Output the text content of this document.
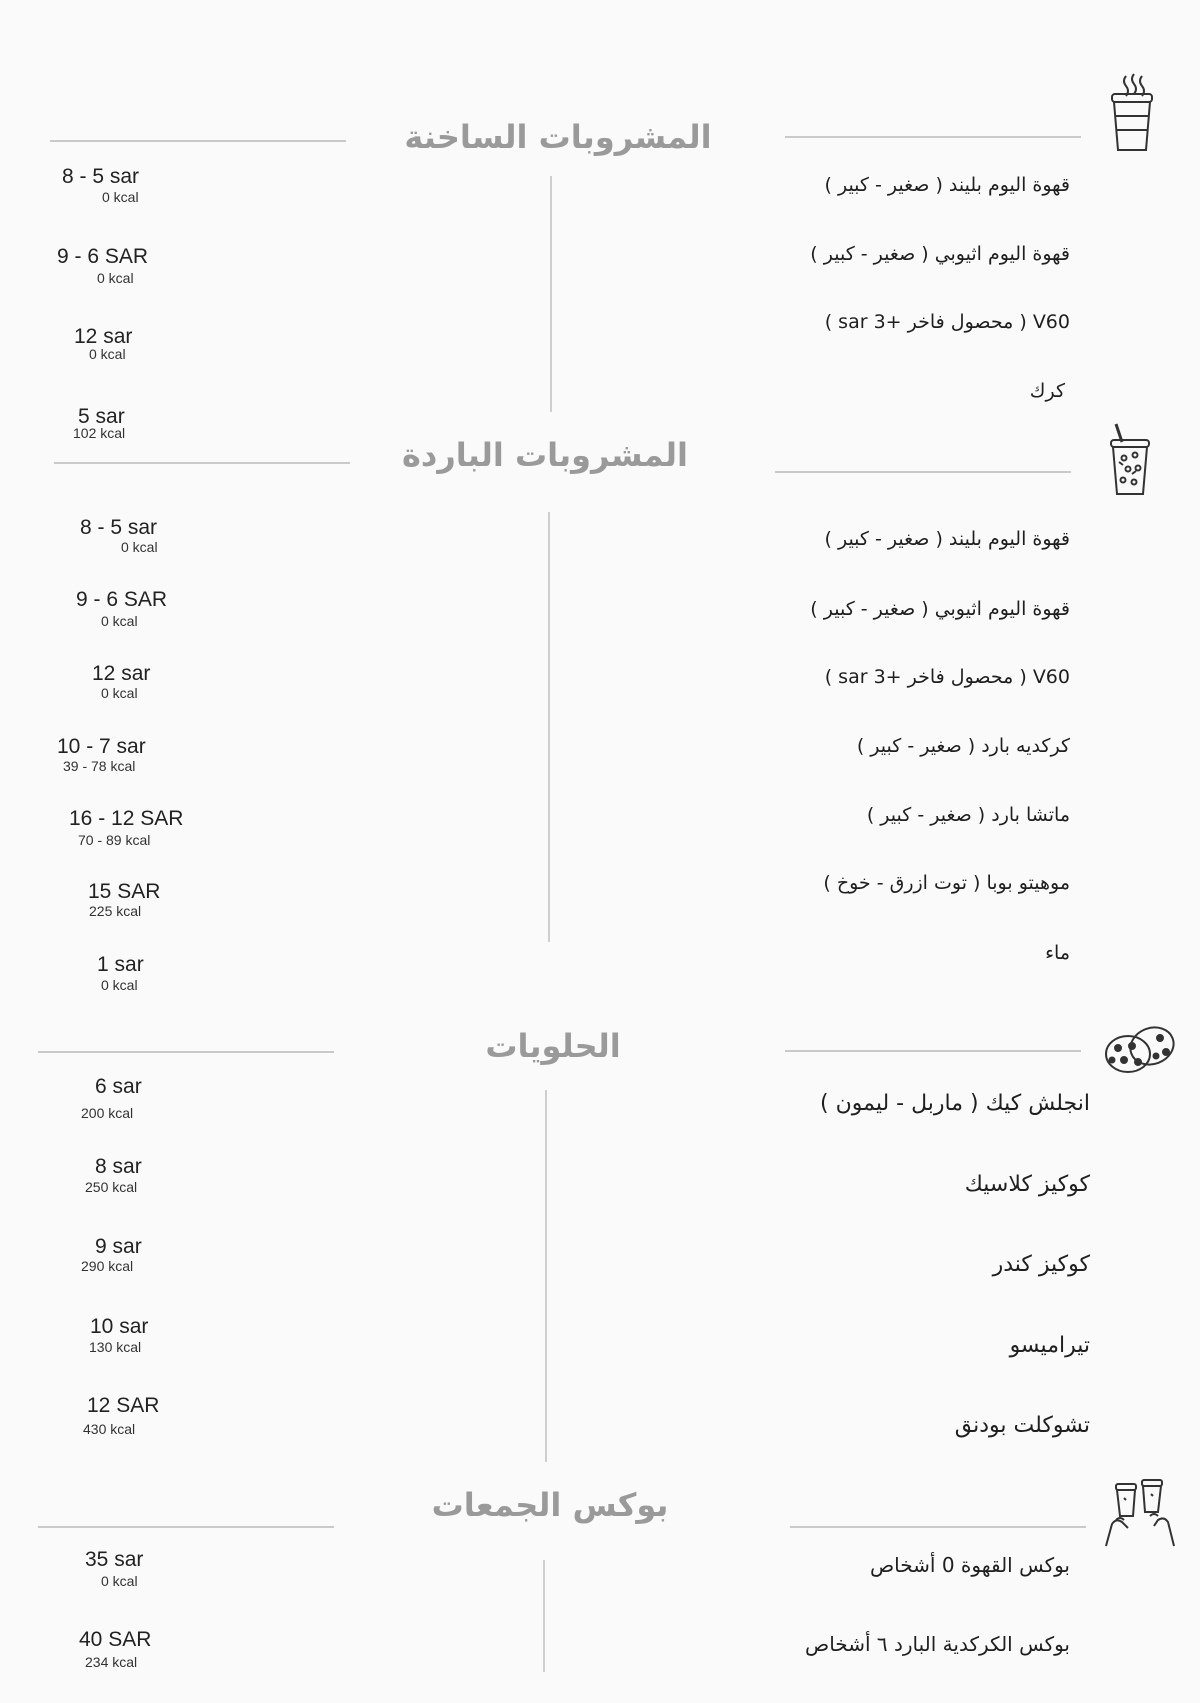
المشروبات الساخنة
قهوة اليوم بليند ( صغير - كبير )
8 - 5 sar
0 kcal
قهوة اليوم اثيوبي ( صغير - كبير )
9 - 6 SAR
0 kcal
V60 ( محصول فاخر +3 sar )
12 sar
0 kcal
كرك
5 sar
102 kcal
المشروبات الباردة
قهوة اليوم بليند ( صغير - كبير )
8 - 5 sar
0 kcal
قهوة اليوم اثيوبي ( صغير - كبير )
9 - 6 SAR
0 kcal
V60 ( محصول فاخر +3 sar )
12 sar
0 kcal
كركديه بارد ( صغير - كبير )
10 - 7 sar
39 - 78 kcal
ماتشا بارد ( صغير - كبير )
16 - 12 SAR
70 - 89 kcal
موهيتو بوبا ( توت ازرق - خوخ )
15 SAR
225 kcal
ماء
1 sar
0 kcal
الحلويات
انجلش كيك ( ماربل - ليمون )
6 sar
200 kcal
كوكيز كلاسيك
8 sar
250 kcal
كوكيز كندر
9 sar
290 kcal
تيراميسو
10 sar
130 kcal
تشوكلت بودنق
12 SAR
430 kcal
بوكس الجمعات
بوكس القهوة 0 أشخاص
35 sar
0 kcal
بوكس الكركدية البارد ٦ أشخاص
40 SAR
234 kcal
